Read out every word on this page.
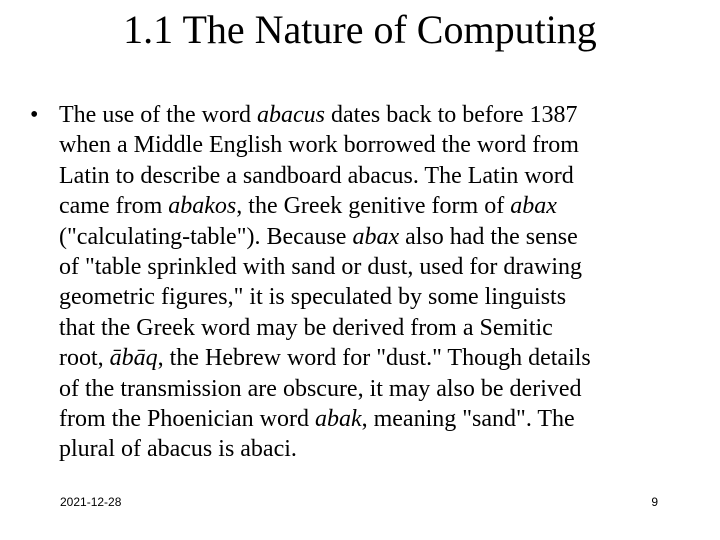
1.1 The Nature of Computing
• The use of the word abacus dates back to before 1387
when a Middle English work borrowed the word from
Latin to describe a sandboard abacus. The Latin word
came from abakos, the Greek genitive form of abax
("calculating-table"). Because abax also had the sense
of "table sprinkled with sand or dust, used for drawing
geometric figures," it is speculated by some linguists
that the Greek word may be derived from a Semitic
root, ābāq, the Hebrew word for "dust." Though details
of the transmission are obscure, it may also be derived
from the Phoenician word abak, meaning "sand". The
plural of abacus is abaci.
2021-12-28	9
